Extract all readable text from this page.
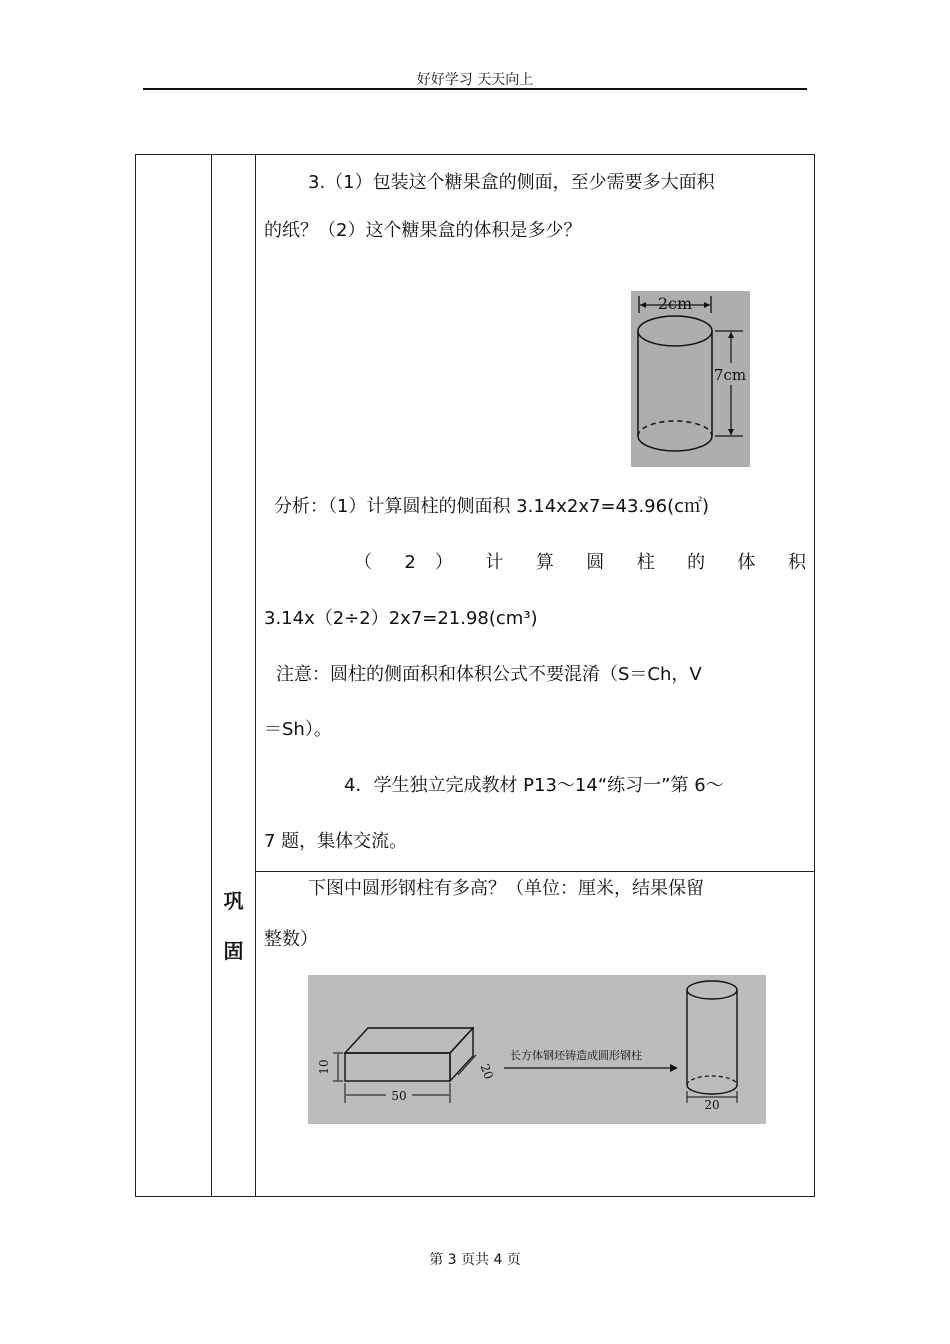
好好学习 天天向上

3.（1）包装这个糖果盒的侧面，至少需要多大面积

的纸？（2）这个糖果盒的体积是多少？

2cm
7cm

分析：（1）计算圆柱的侧面积 3.14x2x7=43.96(c㎡)

（ 2 ） 计 算 圆 柱 的 体 积

3.14x（2÷2）2x7=21.98(cm³)

注意：圆柱的侧面积和体积公式不要混淆（S＝Ch，V

＝Sh）。

4．学生独立完成教材 P13～14“练习一”第 6～

7 题，集体交流。

巩
固

下图中圆形钢柱有多高？（单位：厘米，结果保留

整数）

10
50
20
长方体钢坯铸造成圆形钢柱
20
第 3 页共 4 页
